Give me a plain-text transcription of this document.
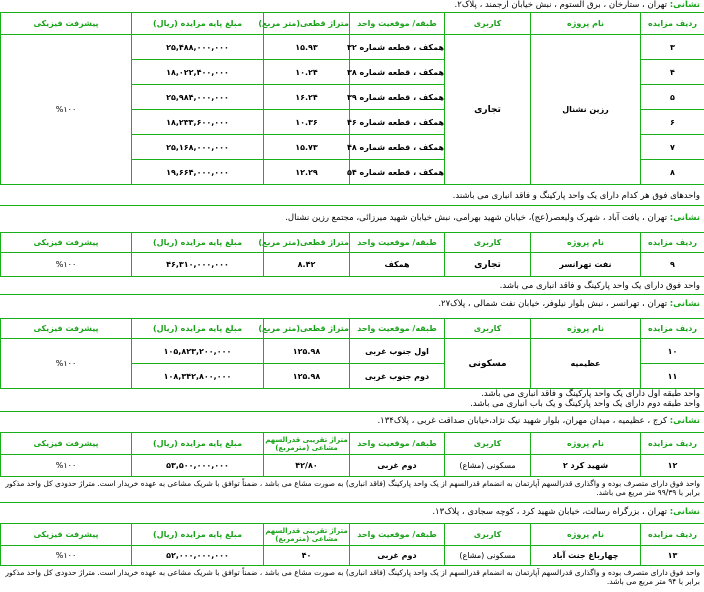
نشانی: تهران ، ستارخان ، برق آلستوم ، نبش خیابان ارجمند ، پلاک۲.
ردیف مزایده	نام پروژه	کاربری	طبقه/ موقعیت واحد	متراژ قطعی(متر مربع)	مبلغ پایه مزایده (ریال)	پیشرفت فیزیکی
۳	رزین نشنال	تجاری	همکف ، قطعه شماره ۳۲	۱۵.۹۳	۲۵,۴۸۸,۰۰۰,۰۰۰	%۱۰۰
۴			همکف ، قطعه شماره ۳۸	۱۰.۲۴	۱۸,۰۲۲,۴۰۰,۰۰۰	
۵			همکف ، قطعه شماره ۳۹	۱۶.۲۴	۲۵,۹۸۴,۰۰۰,۰۰۰	
۶			همکف ، قطعه شماره ۴۶	۱۰.۳۶	۱۸,۲۳۳,۶۰۰,۰۰۰	
۷			همکف ، قطعه شماره ۴۸	۱۵.۷۳	۲۵,۱۶۸,۰۰۰,۰۰۰	
۸			همکف ، قطعه شماره ۵۴	۱۲.۲۹	۱۹,۶۶۴,۰۰۰,۰۰۰	
واحدهای فوق هر کدام دارای یک واحد پارکینگ و فاقد انباری می باشند.
نشانی: تهران ، یافت آباد ، شهرک ولیعصر(عج)، خیابان شهید بهرامی، نبش خیابان شهید میرزائی، مجتمع رزین نشنال.
ردیف مزایده	نام پروژه	کاربری	طبقه/ موقعیت واحد	متراژ قطعی(متر مربع)	مبلغ پایه مزایده (ریال)	پیشرفت فیزیکی
۹	نفت تهرانسر	تجاری	همکف	۸.۴۲	۴۶,۳۱۰,۰۰۰,۰۰۰	%۱۰۰
واحد فوق دارای یک واحد پارکینگ و فاقد انباری می باشد.
نشانی: تهران ، تهرانسر ، نبش بلوار نیلوفر، خیابان نفت شمالی ، پلاک۲۷.
ردیف مزایده	نام پروژه	کاربری	طبقه/ موقعیت واحد	متراژ قطعی(متر مربع)	مبلغ پایه مزایده (ریال)	پیشرفت فیزیکی
۱۰	عظیمیه	مسکونی	اول جنوب غربی	۱۲۵.۹۸	۱۰۵,۸۲۳,۲۰۰,۰۰۰	%۱۰۰
۱۱			دوم جنوب غربی	۱۲۵.۹۸	۱۰۸,۳۴۲,۸۰۰,۰۰۰	
واحد طبقه اول دارای یک واحد پارکینگ و فاقد انباری می باشد.
واحد طبقه دوم دارای یک واحد پارکینگ و یک باب انباری می باشد.
نشانی: کرج ، عظیمیه ، میدان مهران، بلوار شهید نیک نژاد،خیابان صداقت غربی ، پلاک۱۳۴.
ردیف مزایده	نام پروژه	کاربری	طبقه/ موقعیت واحد	متراژ تقریبی قدرالسهم مشاعی (مترمربع)	مبلغ پایه مزایده (ریال)	پیشرفت فیزیکی
۱۲	شهید کرد ۲	مسکونی (مشاع)	دوم غربی	۴۲/۸۰	۵۳,۵۰۰,۰۰۰,۰۰۰	%۱۰۰
واحد فوق دارای متصرف بوده و واگذاری قدرالسهم آپارتمان به انضمام قدرالسهم از یک واحد پارکینگ (فاقد انباری) به صورت مشاع می باشد ، ضمناً توافق با شریک مشاعی به عهده خریدار است. متراژ حدودی کل واحد مذکور برابر با ۹۹/۳۹ متر مربع می باشد.
نشانی: تهران ، بزرگراه رسالت، خیابان شهید کرد ، کوچه سجادی ، پلاک۱۳.
ردیف مزایده	نام پروژه	کاربری	طبقه/ موقعیت واحد	متراژ تقریبی قدرالسهم مشاعی (مترمربع)	مبلغ پایه مزایده (ریال)	پیشرفت فیزیکی
۱۳	چهارباغ جنت آباد	مسکونی (مشاع)	دوم غربی	۴۰	۵۲,۰۰۰,۰۰۰,۰۰۰	%۱۰۰
واحد فوق دارای متصرف بوده و واگذاری قدرالسهم آپارتمان به انضمام قدرالسهم از یک واحد پارکینگ (فاقد انباری) به صورت مشاع می باشد ، ضمناً توافق با شریک مشاعی به عهده خریدار است. متراژ حدودی کل واحد مذکور برابر با ۹۴ متر مربع می باشد.
